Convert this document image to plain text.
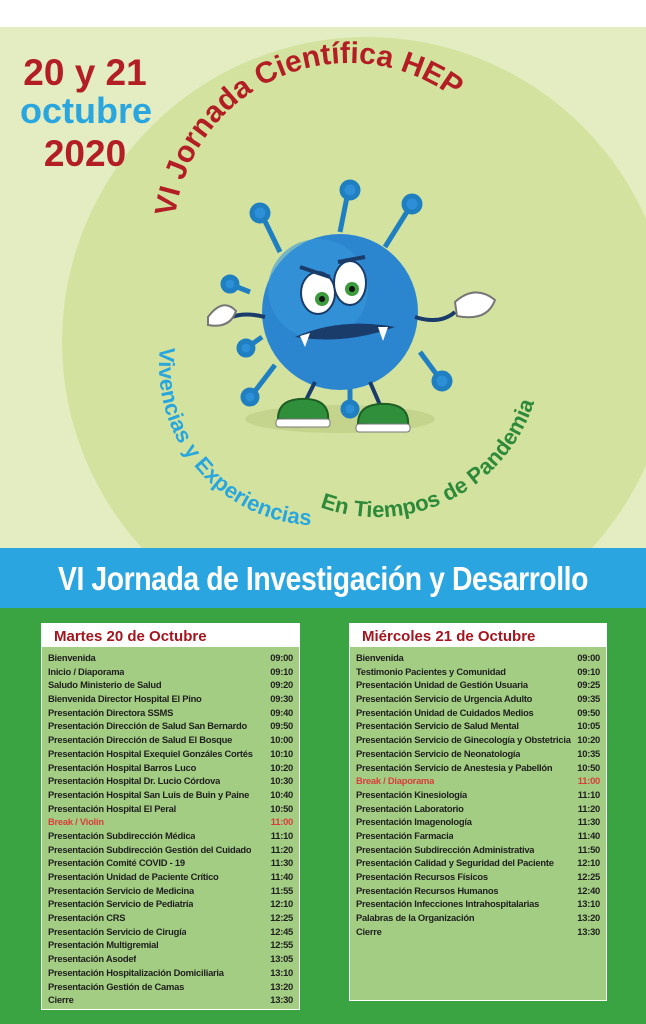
VI Jornada Científica HEP
Vivencias y Experiencias
En Tiempos de Pandemia
20 y 21
octubre
2020
VI Jornada de Investigación y Desarrollo
Martes 20 de Octubre
Bienvenida	09:00
Inicio / Diaporama	09:10
Saludo Ministerio de Salud	09:20
Bienvenida Director Hospital El Pino	09:30
Presentación Directora SSMS	09:40
Presentación Dirección de Salud San Bernardo 09:50
Presentación Dirección de Salud El Bosque	10:00
Presentación Hospital Exequiel Gonzáles Cortés 10:10
Presentación Hospital Barros Luco	10:20
Presentación Hospital Dr. Lucio Córdova	10:30
Presentación Hospital San Luis de Buin y Paine 10:40
Presentación Hospital El Peral	10:50
Break / Violín	11:00
Presentación Subdirección Médica	11:10
Presentación Subdirección Gestión del Cuidado 11:20
Presentación Comité COVID - 19	11:30
Presentación Unidad de Paciente Crítico	11:40
Presentación Servicio de Medicina	11:55
Presentación Servicio de Pediatría	12:10
Presentación CRS	12:25
Presentación Servicio de Cirugía	12:45
Presentación Multigremial	12:55
Presentación Asodef	13:05
Presentación Hospitalización Domiciliaria	13:10
Presentación Gestión de Camas	13:20
Cierre	13:30
Miércoles 21 de Octubre
Bienvenida	09:00
Testimonio Pacientes y Comunidad	09:10
Presentación Unidad de Gestión Usuaria	09:25
Presentación Servicio de Urgencia Adulto	09:35
Presentación Unidad de Cuidados Medios	09:50
Presentación Servicio de Salud Mental	10:05
Presentación Servicio de Ginecología y Obstetricia 10:20
Presentación Servicio de Neonatología	10:35
Presentación Servicio de Anestesia y Pabellón	10:50
Break / Diaporama	11:00
Presentación Kinesiología	11:10
Presentación Laboratorio	11:20
Presentación Imagenología	11:30
Presentación Farmacia	11:40
Presentación Subdirección Administrativa	11:50
Presentación Calidad y Seguridad del Paciente	12:10
Presentación Recursos Físicos	12:25
Presentación Recursos Humanos	12:40
Presentación Infecciones Intrahospitalarias	13:10
Palabras de la Organización	13:20
Cierre	13:30
